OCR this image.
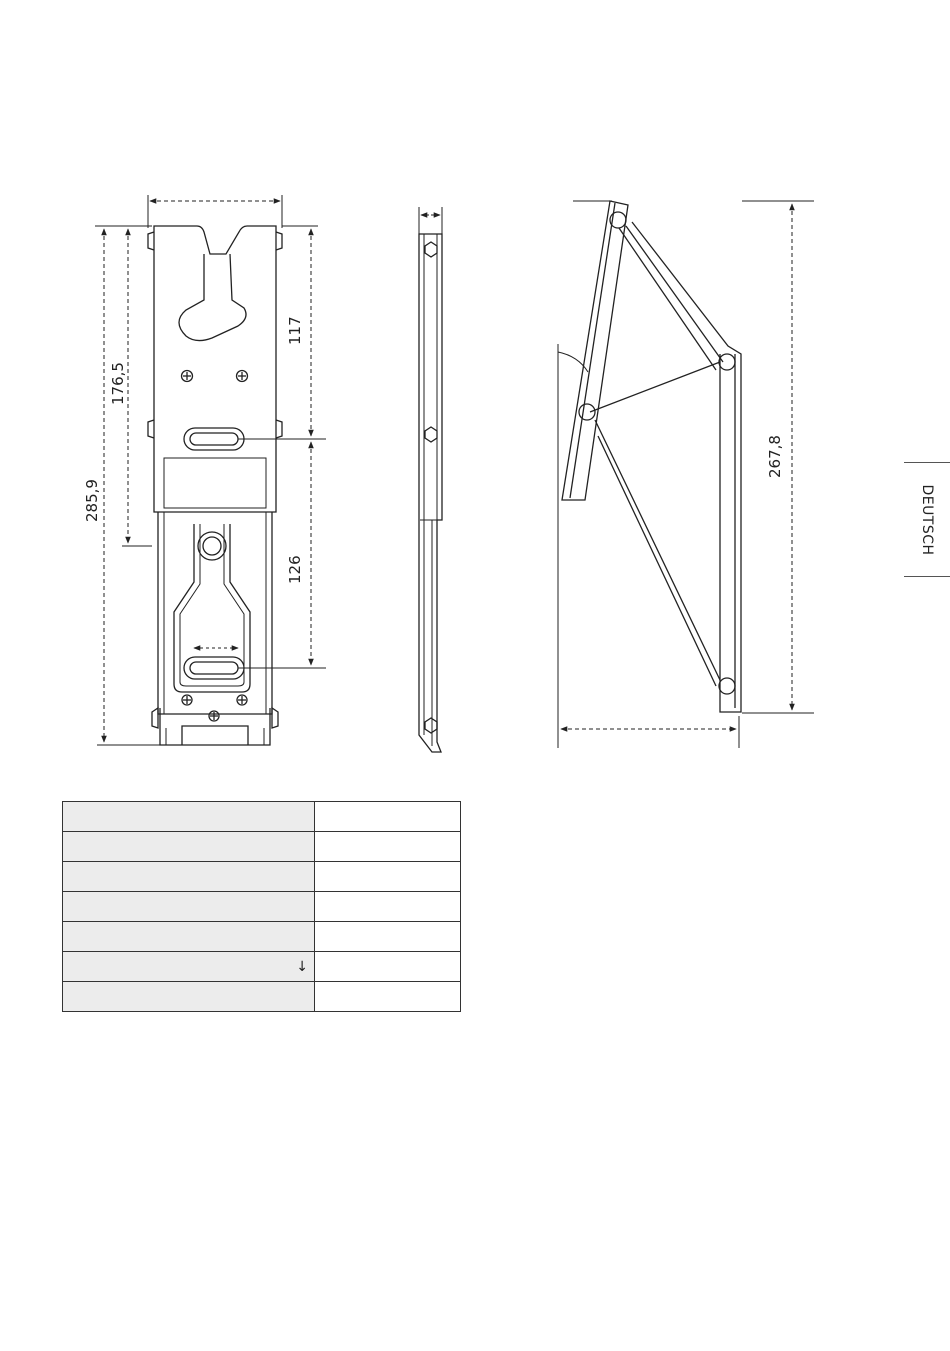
285,9
176,5
117
126
267,8
DEUTSCH

↓	
